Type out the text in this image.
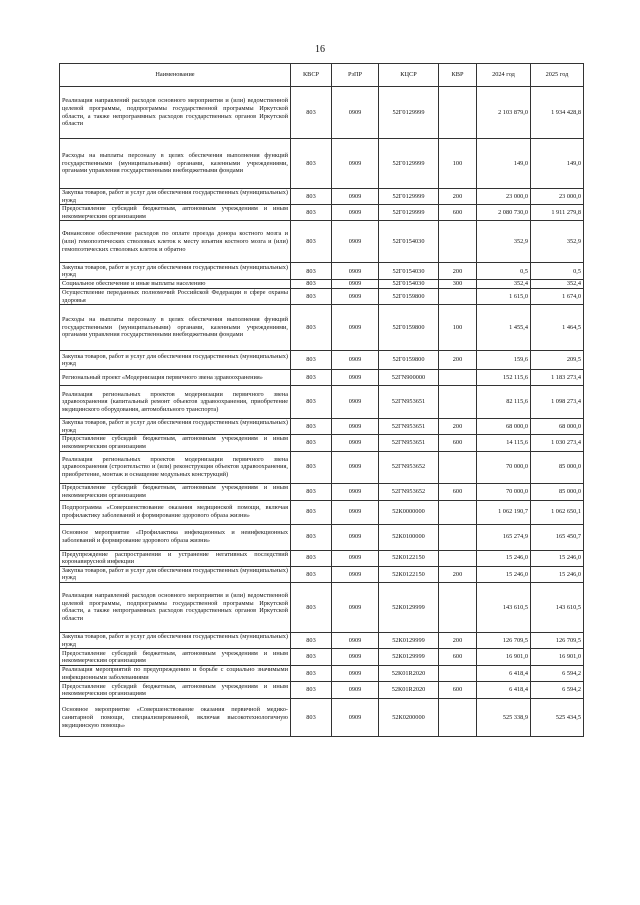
16
Наименование	КВСР	РзПР	КЦСР	КВР	2024 год	2025 год
Реализация направлений расходов основного мероприятия и (или) ведомственной целевой программы, подпрограммы государственной программы Иркутской области, а также непрограммных расходов государственных органов Иркутской области	803	0909	52Г0129999		2 103 879,0	1 934 428,8
Расходы на выплаты персоналу в целях обеспечения выполнения функций государственными (муниципальными) органами, казенными учреждениями, органами управления государственными внебюджетными фондами	803	0909	52Г0129999	100	149,0	149,0
Закупка товаров, работ и услуг для обеспечения государственных (муниципальных) нужд	803	0909	52Г0129999	200	23 000,0	23 000,0
Предоставление субсидий бюджетным, автономным учреждениям и иным некоммерческим организациям	803	0909	52Г0129999	600	2 080 730,0	1 911 279,8
Финансовое обеспечение расходов по оплате проезда донора костного мозга и (или) гемопоэтических стволовых клеток к месту изъятия костного мозга и (или) гемопоэтических стволовых клеток и обратно	803	0909	52Г0154030		352,9	352,9
Закупка товаров, работ и услуг для обеспечения государственных (муниципальных) нужд	803	0909	52Г0154030	200	0,5	0,5
Социальное обеспечение и иные выплаты населению	803	0909	52Г0154030	300	352,4	352,4
Осуществление переданных полномочий Российской Федерации в сфере охраны здоровья	803	0909	52Г0159800		1 615,0	1 674,0
Расходы на выплаты персоналу в целях обеспечения выполнения функций государственными (муниципальными) органами, казенными учреждениями, органами управления государственными внебюджетными фондами	803	0909	52Г0159800	100	1 455,4	1 464,5
Закупка товаров, работ и услуг для обеспечения государственных (муниципальных) нужд	803	0909	52Г0159800	200	159,6	209,5
Региональный проект «Модернизация первичного звена здравоохранения»	803	0909	52ГN900000		152 115,6	1 183 273,4
Реализация региональных проектов модернизации первичного звена здравоохранения (капитальный ремонт объектов здравоохранения, приобретение медицинского оборудования, автомобильного транспорта)	803	0909	52ГN953651		82 115,6	1 098 273,4
Закупка товаров, работ и услуг для обеспечения государственных (муниципальных) нужд	803	0909	52ГN953651	200	68 000,0	68 000,0
Предоставление субсидий бюджетным, автономным учреждениям и иным некоммерческим организациям	803	0909	52ГN953651	600	14 115,6	1 030 273,4
Реализация региональных проектов модернизации первичного звена здравоохранения (строительство и (или) реконструкция объектов здравоохранения, приобретение, монтаж и оснащение модульных конструкций)	803	0909	52ГN953652		70 000,0	85 000,0
Предоставление субсидий бюджетным, автономным учреждениям и иным некоммерческим организациям	803	0909	52ГN953652	600	70 000,0	85 000,0
Подпрограмма «Совершенствование оказания медицинской помощи, включая профилактику заболеваний и формирование здорового образа жизни»	803	0909	52К0000000		1 062 190,7	1 062 650,1
Основное мероприятие «Профилактика инфекционных и неинфекционных заболеваний и формирование здорового образа жизни»	803	0909	52К0100000		165 274,9	165 450,7
Предупреждение распространения и устранение негативных последствий коронавирусной инфекции	803	0909	52К0122150		15 246,0	15 246,0
Закупка товаров, работ и услуг для обеспечения государственных (муниципальных) нужд	803	0909	52К0122150	200	15 246,0	15 246,0
Реализация направлений расходов основного мероприятия и (или) ведомственной целевой программы, подпрограммы государственной программы Иркутской области, а также непрограммных расходов государственных органов Иркутской области	803	0909	52К0129999		143 610,5	143 610,5
Закупка товаров, работ и услуг для обеспечения государственных (муниципальных) нужд	803	0909	52К0129999	200	126 709,5	126 709,5
Предоставление субсидий бюджетным, автономным учреждениям и иным некоммерческим организациям	803	0909	52К0129999	600	16 901,0	16 901,0
Реализация мероприятий по предупреждению и борьбе с социально значимыми инфекционными заболеваниями	803	0909	52К01R2020		6 418,4	6 594,2
Предоставление субсидий бюджетным, автономным учреждениям и иным некоммерческим организациям	803	0909	52К01R2020	600	6 418,4	6 594,2
Основное мероприятие «Совершенствование оказания первичной медико-санитарной помощи, специализированной, включая высокотехнологичную медицинскую помощь»	803	0909	52К0200000		525 338,9	525 434,5
